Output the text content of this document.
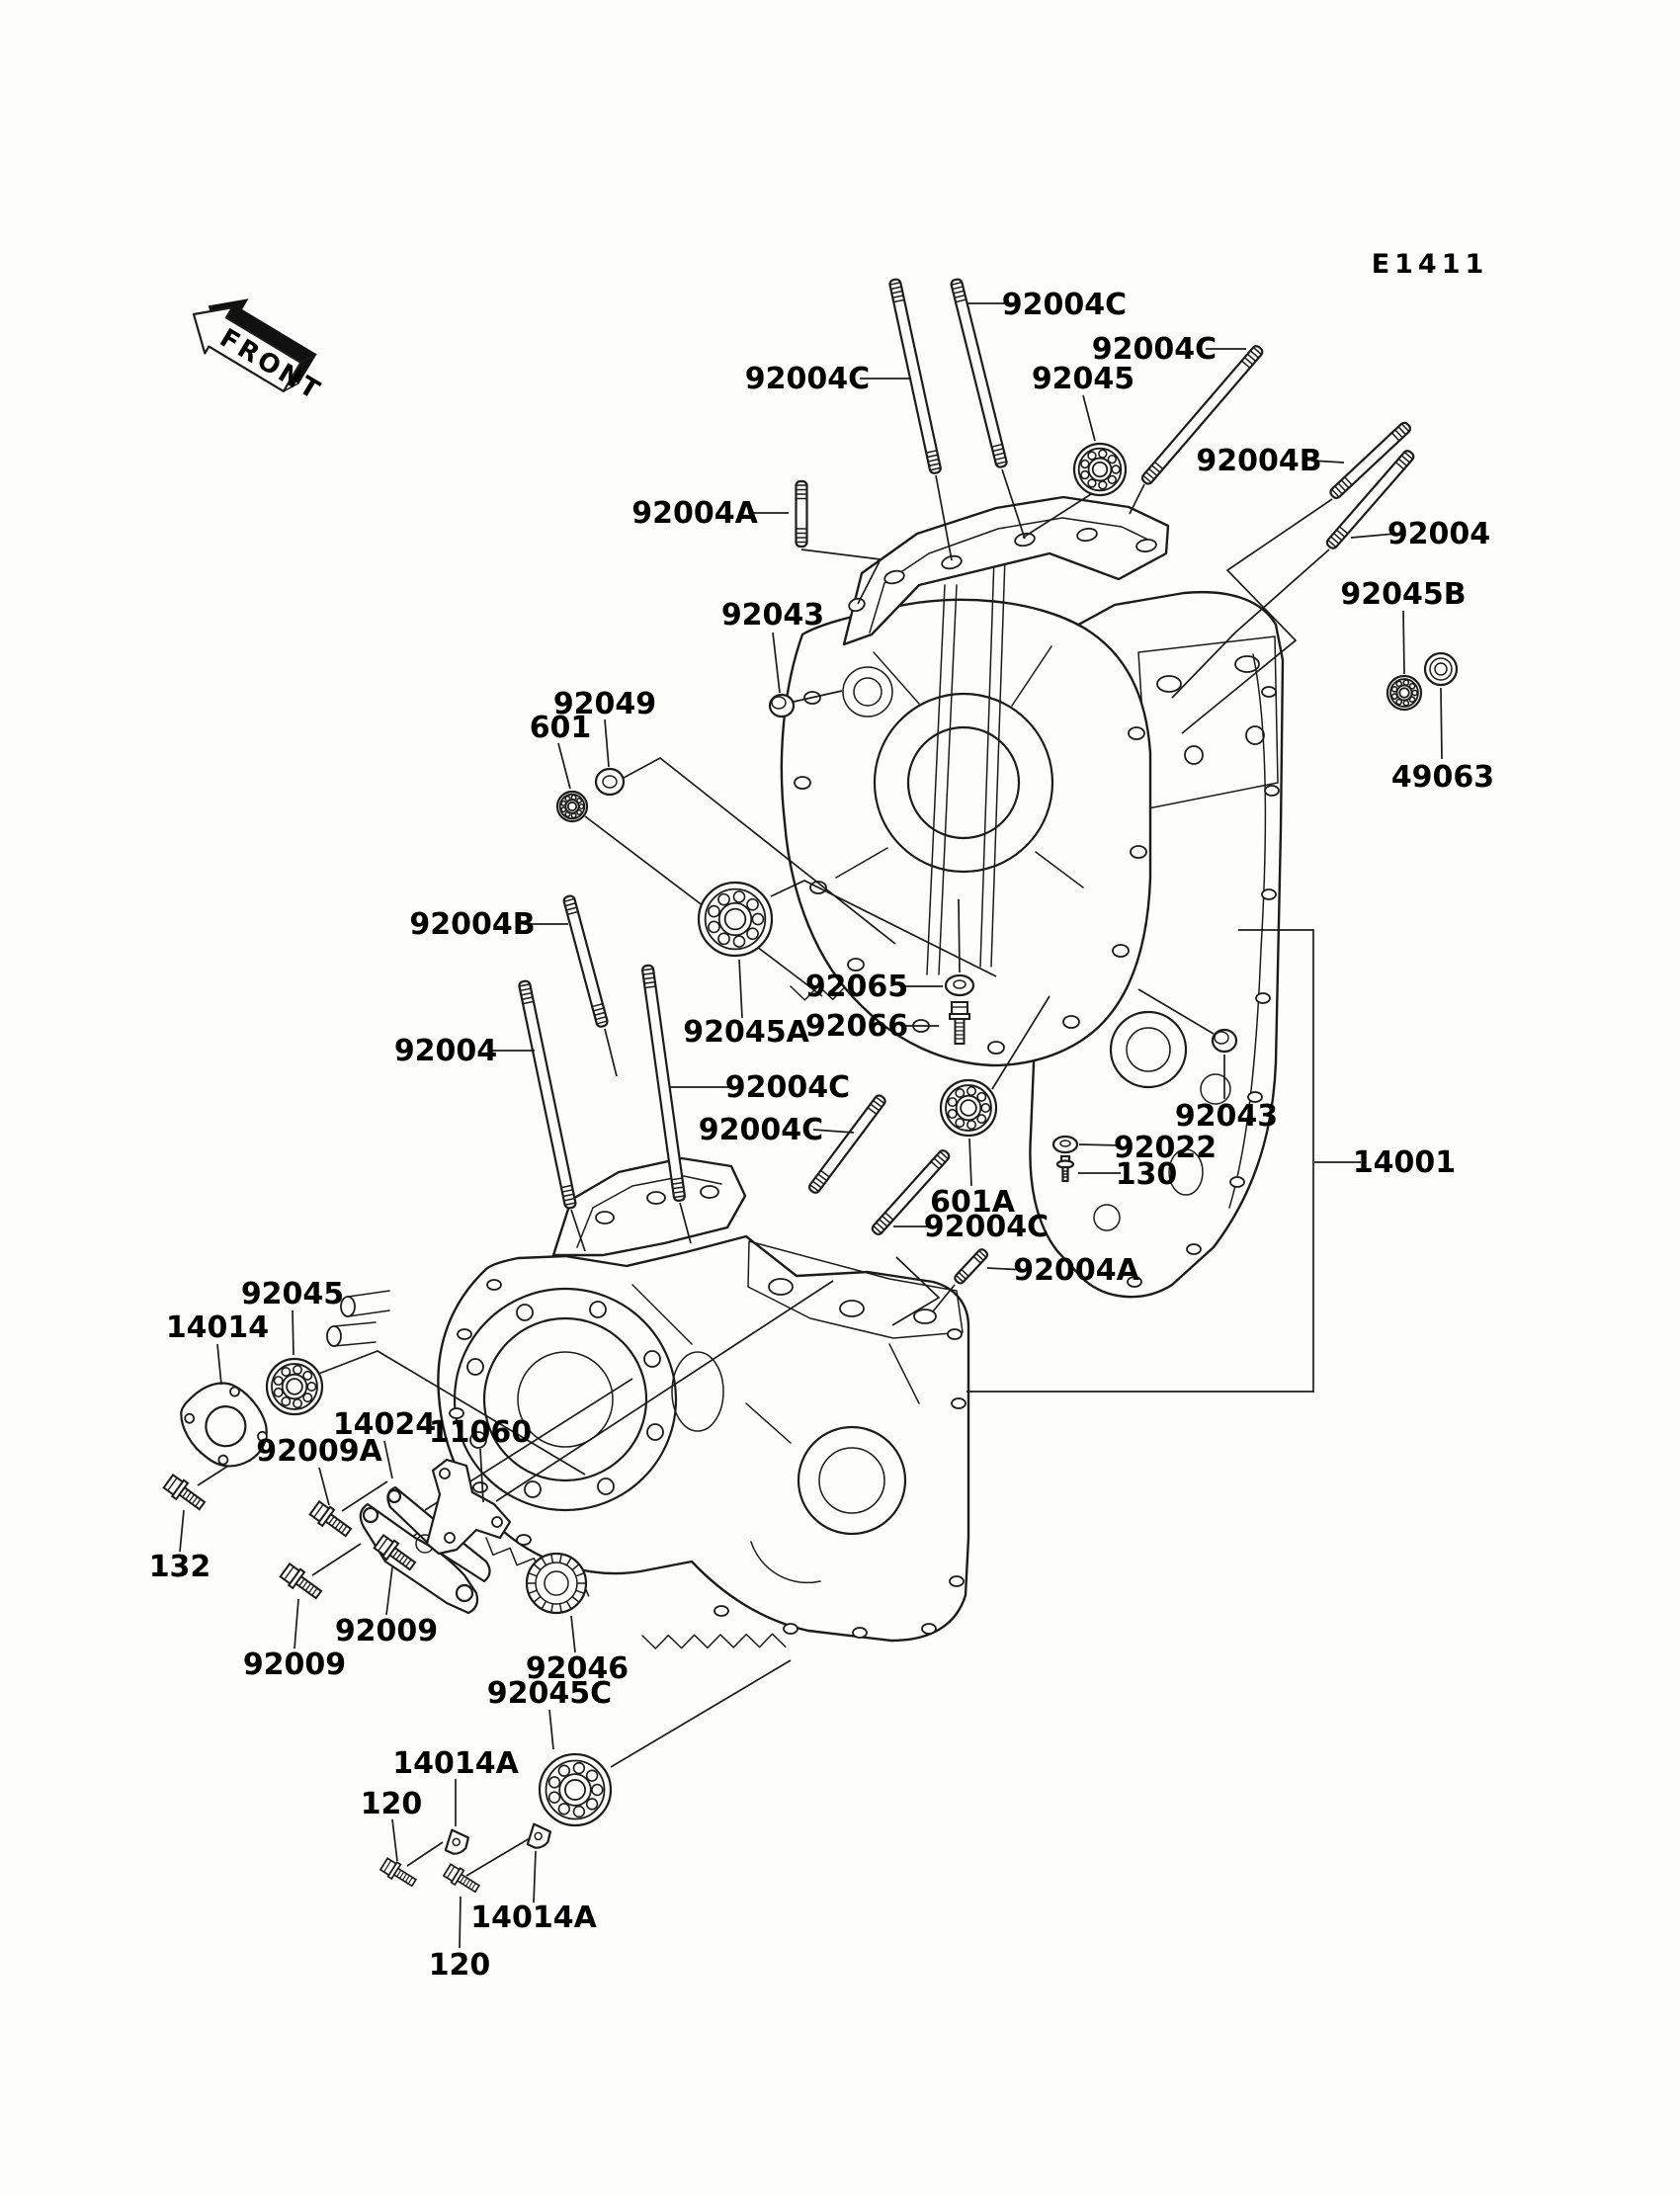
FRONT
E1411
92004C
92004C
92004C
92045
92004B
92004
92045B
49063
92049
601
92004B
92004
92045A
92065
92066
92004C
92004C
601A
92004C
92004A
92022
130
92043
14001
92043
92004A
92045
14014
14024
92009A
11060
132
92009
92009	92046
92045C
14014A
120
14014A
120
